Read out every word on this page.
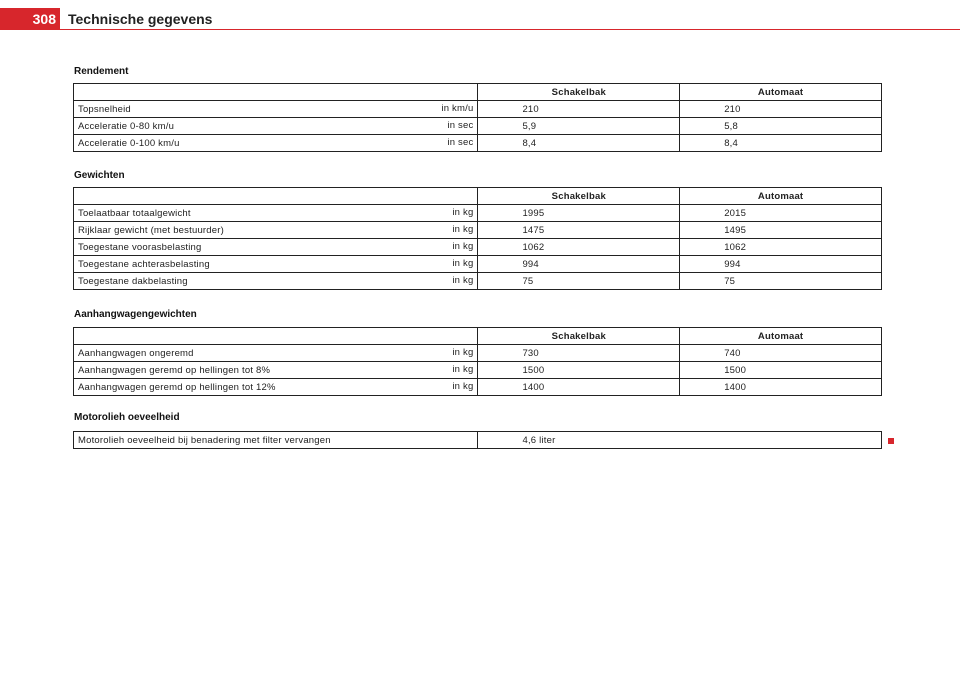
308 Technische gegevens
Rendement
	Schakelbak	Automaat
Topsnelheid in km/u	210	210
Acceleratie 0-80 km/u in sec	5,9	5,8
Acceleratie 0-100 km/u in sec	8,4	8,4
Gewichten
	Schakelbak	Automaat
Toelaatbaar totaalgewicht in kg	1995	2015
Rijklaar gewicht (met bestuurder) in kg	1475	1495
Toegestane voorasbelasting in kg	1062	1062
Toegestane achterasbelasting in kg	994	994
Toegestane dakbelasting in kg	75	75
Aanhangwagengewichten
	Schakelbak	Automaat
Aanhangwagen ongeremd in kg	730	740
Aanhangwagen geremd op hellingen tot 8% in kg	1500	1500
Aanhangwagen geremd op hellingen tot 12% in kg	1400	1400
Motorolieh oeveelheid
Motorolieh oeveelheid bij benadering met filter vervangen	4,6 liter	
